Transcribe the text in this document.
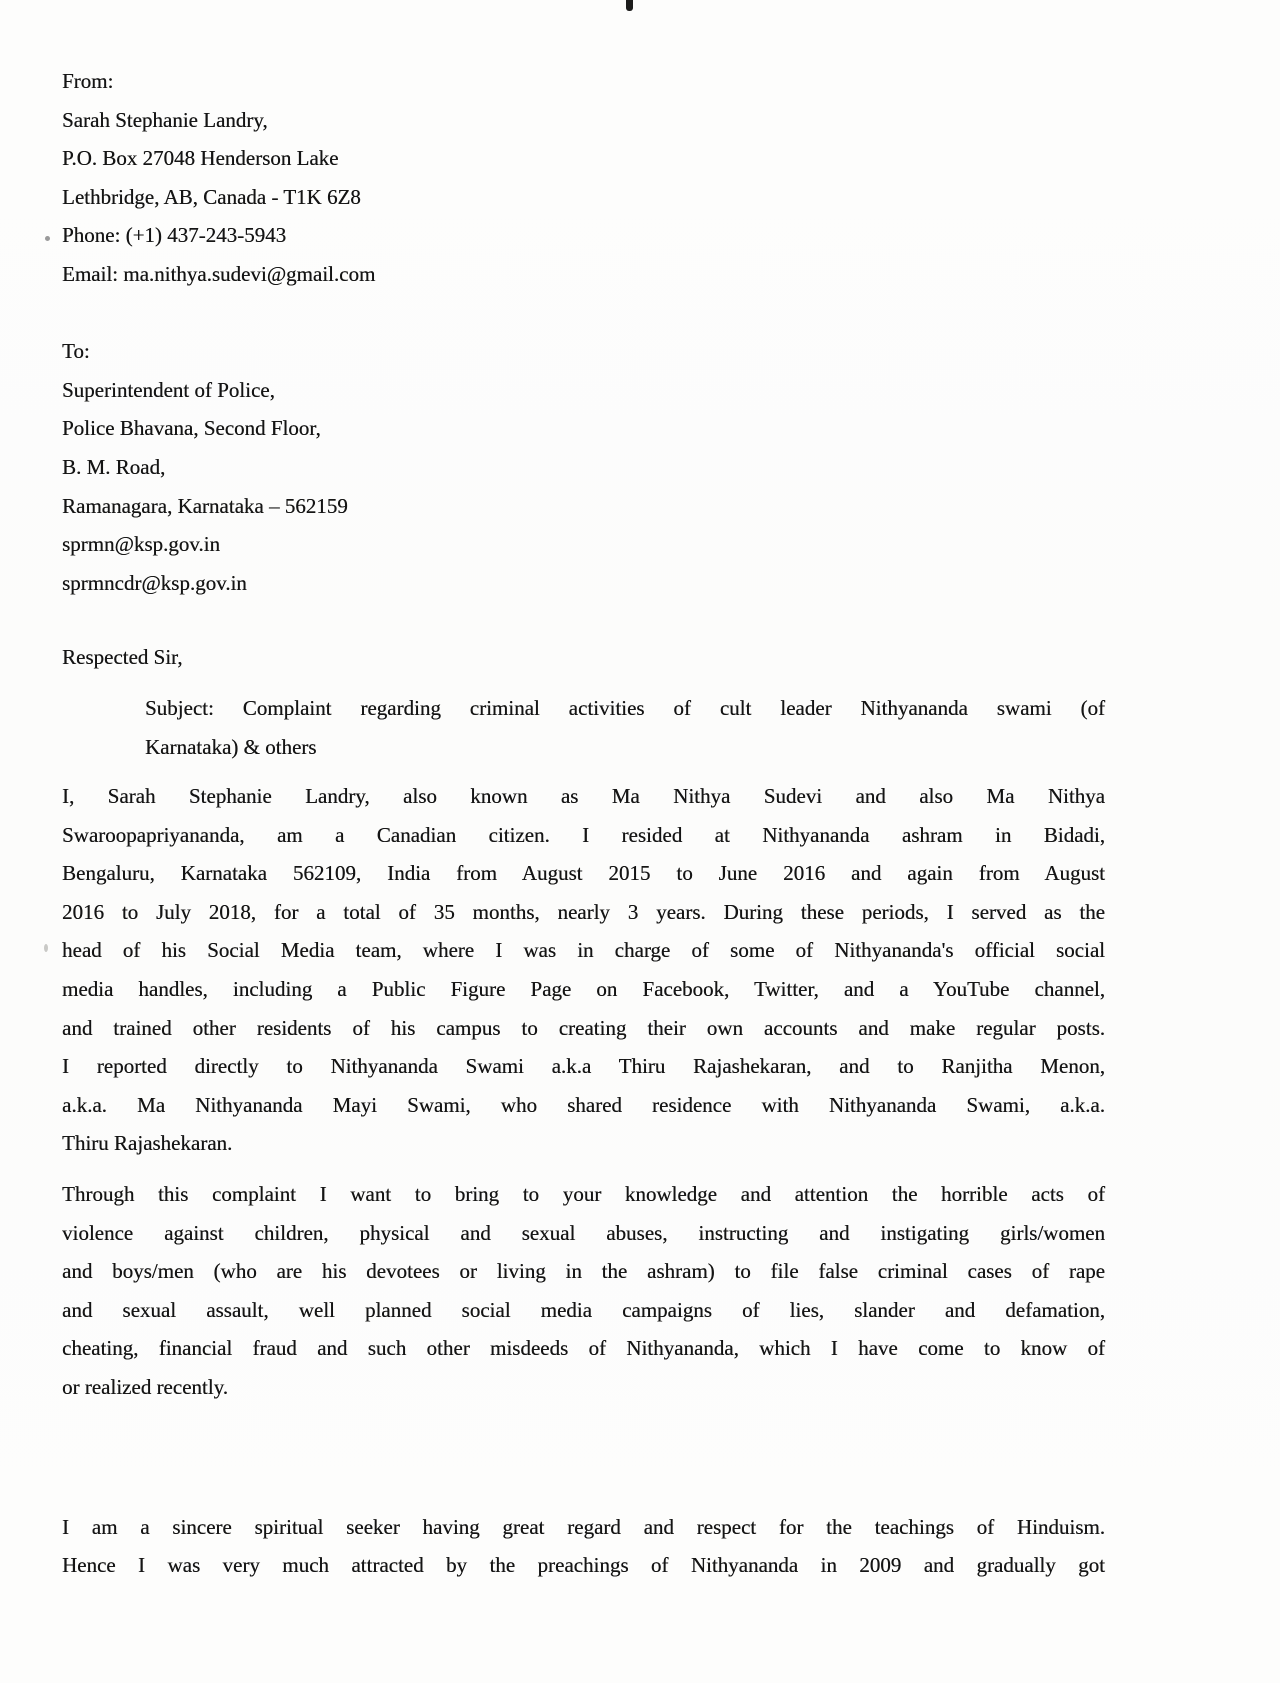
From:
Sarah Stephanie Landry,
P.O. Box 27048 Henderson Lake
Lethbridge, AB, Canada - T1K 6Z8
Phone: (+1) 437-243-5943
Email: ma.nithya.sudevi@gmail.com
To:
Superintendent of Police,
Police Bhavana, Second Floor,
B. M. Road,
Ramanagara, Karnataka – 562159
sprmn@ksp.gov.in
sprmncdr@ksp.gov.in
Respected Sir,
Subject: Complaint regarding criminal activities of cult leader Nithyananda swami (of
Karnataka) & others
I, Sarah Stephanie Landry, also known as Ma Nithya Sudevi and also Ma Nithya
Swaroopapriyananda, am a Canadian citizen. I resided at Nithyananda ashram in Bidadi,
Bengaluru, Karnataka 562109, India from August 2015 to June 2016 and again from August
2016 to July 2018, for a total of 35 months, nearly 3 years. During these periods, I served as the
head of his Social Media team, where I was in charge of some of Nithyananda's official social
media handles, including a Public Figure Page on Facebook, Twitter, and a YouTube channel,
and trained other residents of his campus to creating their own accounts and make regular posts.
I reported directly to Nithyananda Swami a.k.a Thiru Rajashekaran, and to Ranjitha Menon,
a.k.a. Ma Nithyananda Mayi Swami, who shared residence with Nithyananda Swami, a.k.a.
Thiru Rajashekaran.
Through this complaint I want to bring to your knowledge and attention the horrible acts of
violence against children, physical and sexual abuses, instructing and instigating girls/women
and boys/men (who are his devotees or living in the ashram) to file false criminal cases of rape
and sexual assault, well planned social media campaigns of lies, slander and defamation,
cheating, financial fraud and such other misdeeds of Nithyananda, which I have come to know of
or realized recently.
I am a sincere spiritual seeker having great regard and respect for the teachings of Hinduism.
Hence I was very much attracted by the preachings of Nithyananda in 2009 and gradually got
